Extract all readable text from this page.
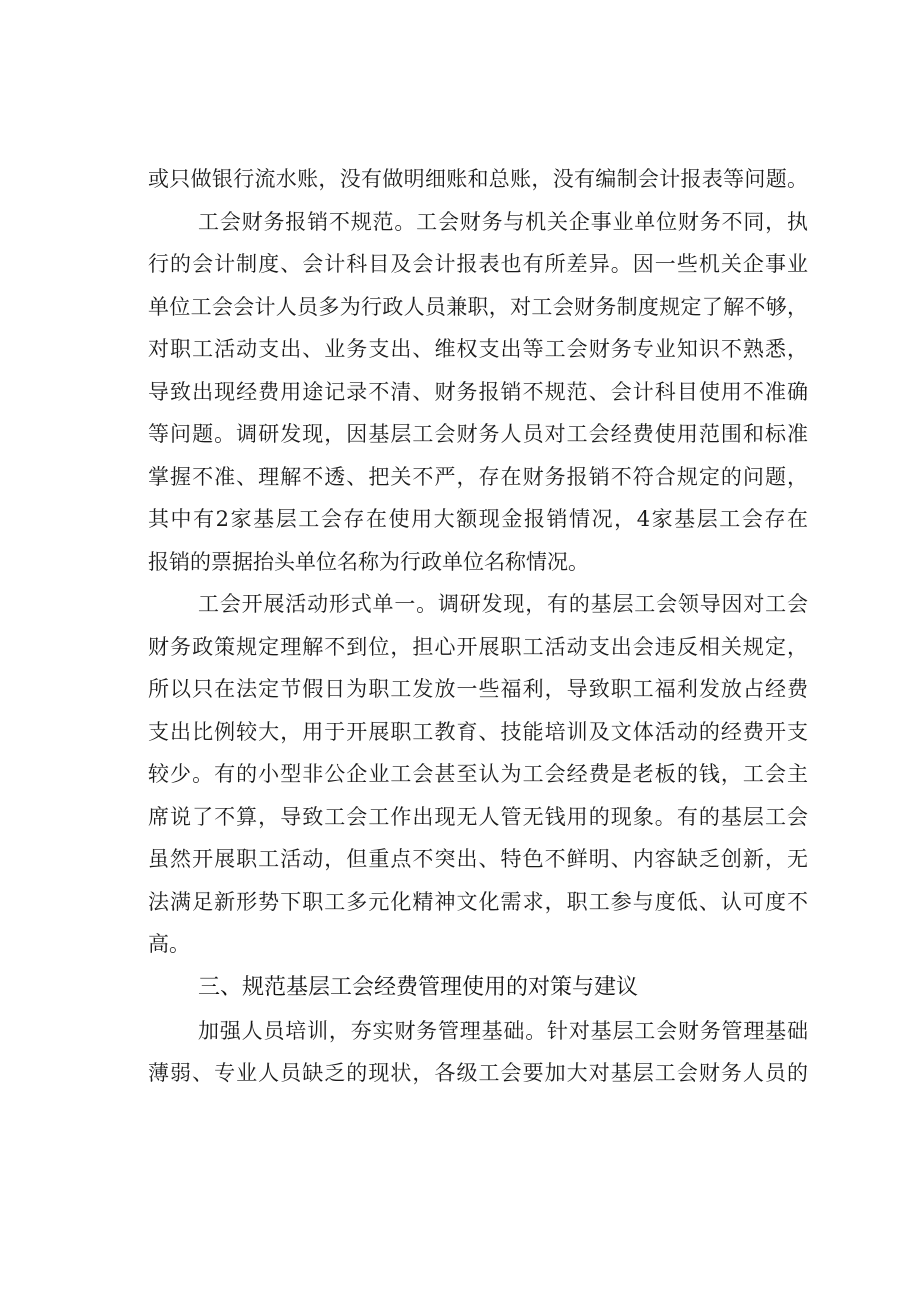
或只做银行流水账，没有做明细账和总账，没有编制会计报表等问题。
工会财务报销不规范。工会财务与机关企事业单位财务不同，执
行的会计制度、会计科目及会计报表也有所差异。因一些机关企事业
单位工会会计人员多为行政人员兼职，对工会财务制度规定了解不够，
对职工活动支出、业务支出、维权支出等工会财务专业知识不熟悉，
导致出现经费用途记录不清、财务报销不规范、会计科目使用不准确
等问题。调研发现，因基层工会财务人员对工会经费使用范围和标准
掌握不准、理解不透、把关不严，存在财务报销不符合规定的问题，
其中有2家基层工会存在使用大额现金报销情况，4家基层工会存在
报销的票据抬头单位名称为行政单位名称情况。
工会开展活动形式单一。调研发现，有的基层工会领导因对工会
财务政策规定理解不到位，担心开展职工活动支出会违反相关规定，
所以只在法定节假日为职工发放一些福利，导致职工福利发放占经费
支出比例较大，用于开展职工教育、技能培训及文体活动的经费开支
较少。有的小型非公企业工会甚至认为工会经费是老板的钱，工会主
席说了不算，导致工会工作出现无人管无钱用的现象。有的基层工会
虽然开展职工活动，但重点不突出、特色不鲜明、内容缺乏创新，无
法满足新形势下职工多元化精神文化需求，职工参与度低、认可度不
高。
三、规范基层工会经费管理使用的对策与建议
加强人员培训，夯实财务管理基础。针对基层工会财务管理基础
薄弱、专业人员缺乏的现状，各级工会要加大对基层工会财务人员的
